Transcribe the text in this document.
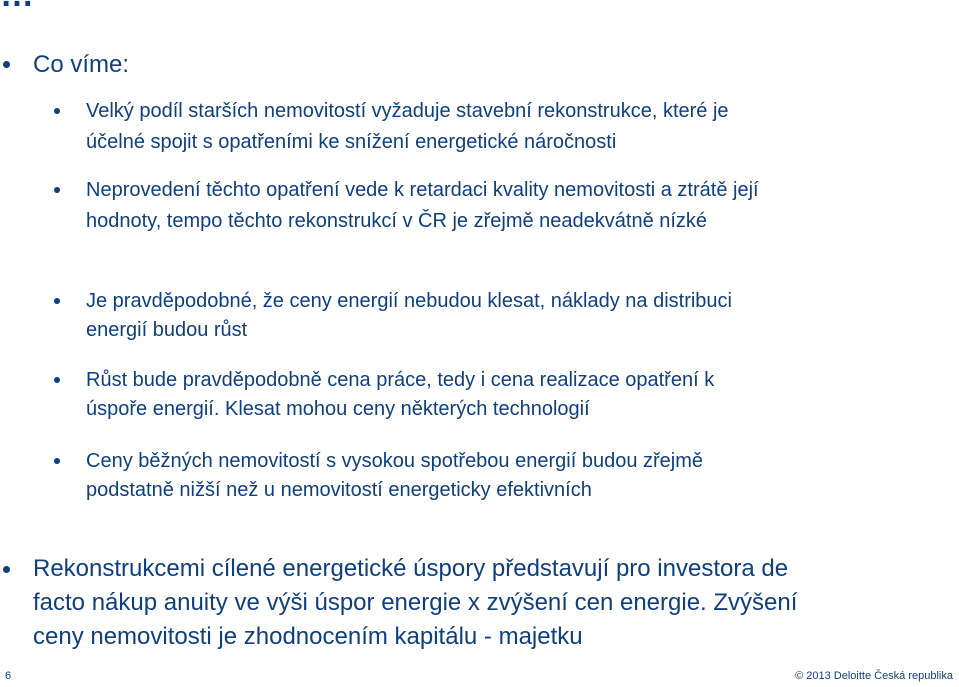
Co víme:
Velký podíl starších nemovitostí vyžaduje stavební rekonstrukce, které je
účelné spojit s opatřeními ke snížení energetické náročnosti
Neprovedení těchto opatření vede k retardaci kvality nemovitosti a ztrátě její
hodnoty, tempo těchto rekonstrukcí v ČR je zřejmě neadekvátně nízké
Je pravděpodobné, že ceny energií nebudou klesat, náklady na distribuci
energií budou růst
Růst bude pravděpodobně cena práce, tedy i cena realizace opatření k
úspoře energií. Klesat mohou ceny některých technologií
Ceny běžných nemovitostí s vysokou spotřebou energií budou zřejmě
podstatně nižší než u nemovitostí energeticky efektivních
Rekonstrukcemi cílené energetické úspory představují pro investora de
facto nákup anuity ve výši úspor energie x zvýšení cen energie. Zvýšení
ceny nemovitosti je zhodnocením kapitálu - majetku
6	© 2013 Deloitte Česká republika
